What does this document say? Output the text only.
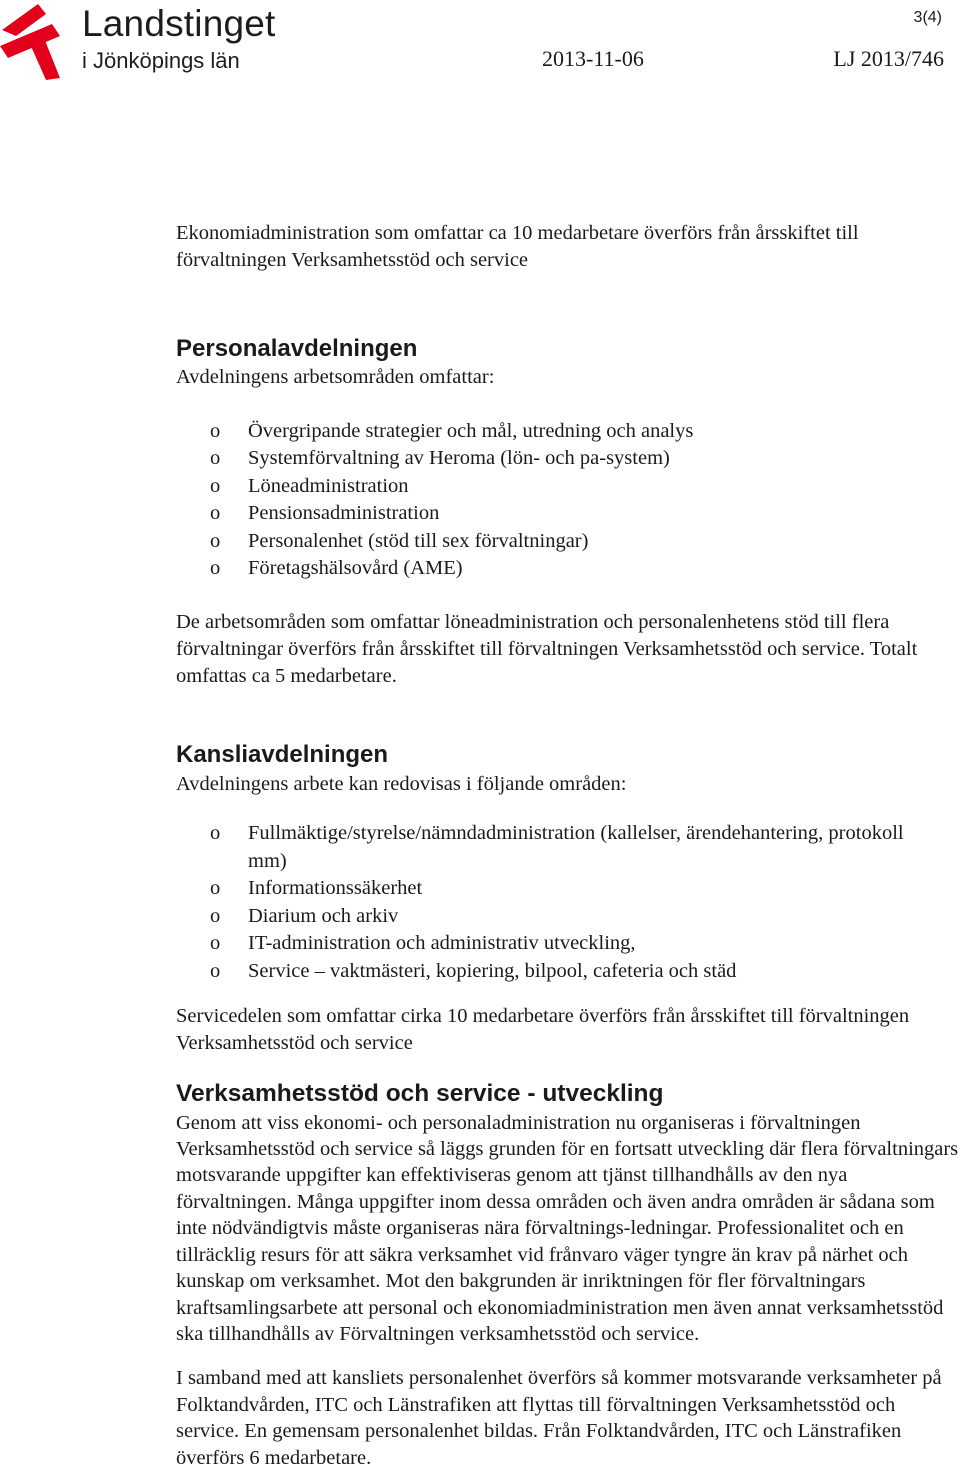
Landstinget
i Jönköpings län
3(4)
2013-11-06	LJ 2013/746

Ekonomiadministration som omfattar ca 10 medarbetare överförs från årsskiftet till förvaltningen Verksamhetsstöd och service

Personalavdelningen

Avdelningens arbetsområden omfattar:

o Övergripande strategier och mål, utredning och analys
o Systemförvaltning av Heroma (lön- och pa-system)
o Löneadministration
o Pensionsadministration
o Personalenhet (stöd till sex förvaltningar)
o Företagshälsovård (AME)

De arbetsområden som omfattar löneadministration och personalenhetens stöd till flera förvaltningar överförs från årsskiftet till förvaltningen Verksamhetsstöd och service. Totalt omfattas ca 5 medarbetare.

Kansliavdelningen

Avdelningens arbete kan redovisas i följande områden:

o Fullmäktige/styrelse/nämndadministration (kallelser, ärendehantering, protokoll mm)
o Informationssäkerhet
o Diarium och arkiv
o IT-administration och administrativ utveckling,
o Service – vaktmästeri, kopiering, bilpool, cafeteria och städ

Servicedelen som omfattar cirka 10 medarbetare överförs från årsskiftet till förvaltningen Verksamhetsstöd och service

Verksamhetsstöd och service - utveckling

Genom att viss ekonomi- och personaladministration nu organiseras i förvaltningen Verksamhetsstöd och service så läggs grunden för en fortsatt utveckling där flera förvaltningars motsvarande uppgifter kan effektiviseras genom att tjänst tillhandhålls av den nya förvaltningen. Många uppgifter inom dessa områden och även andra områden är sådana som inte nödvändigtvis måste organiseras nära förvaltnings-ledningar. Professionalitet och en tillräcklig resurs för att säkra verksamhet vid frånvaro väger tyngre än krav på närhet och kunskap om verksamhet. Mot den bakgrunden är inriktningen för fler förvaltningars kraftsamlingsarbete att personal och ekonomiadministration men även annat verksamhetsstöd ska tillhandhålls av Förvaltningen verksamhetsstöd och service.

I samband med att kansliets personalenhet överförs så kommer motsvarande verksamheter på Folktandvården, ITC och Länstrafiken att flyttas till förvaltningen Verksamhetsstöd och service. En gemensam personalenhet bildas. Från Folktandvården, ITC och Länstrafiken överförs 6 medarbetare.
